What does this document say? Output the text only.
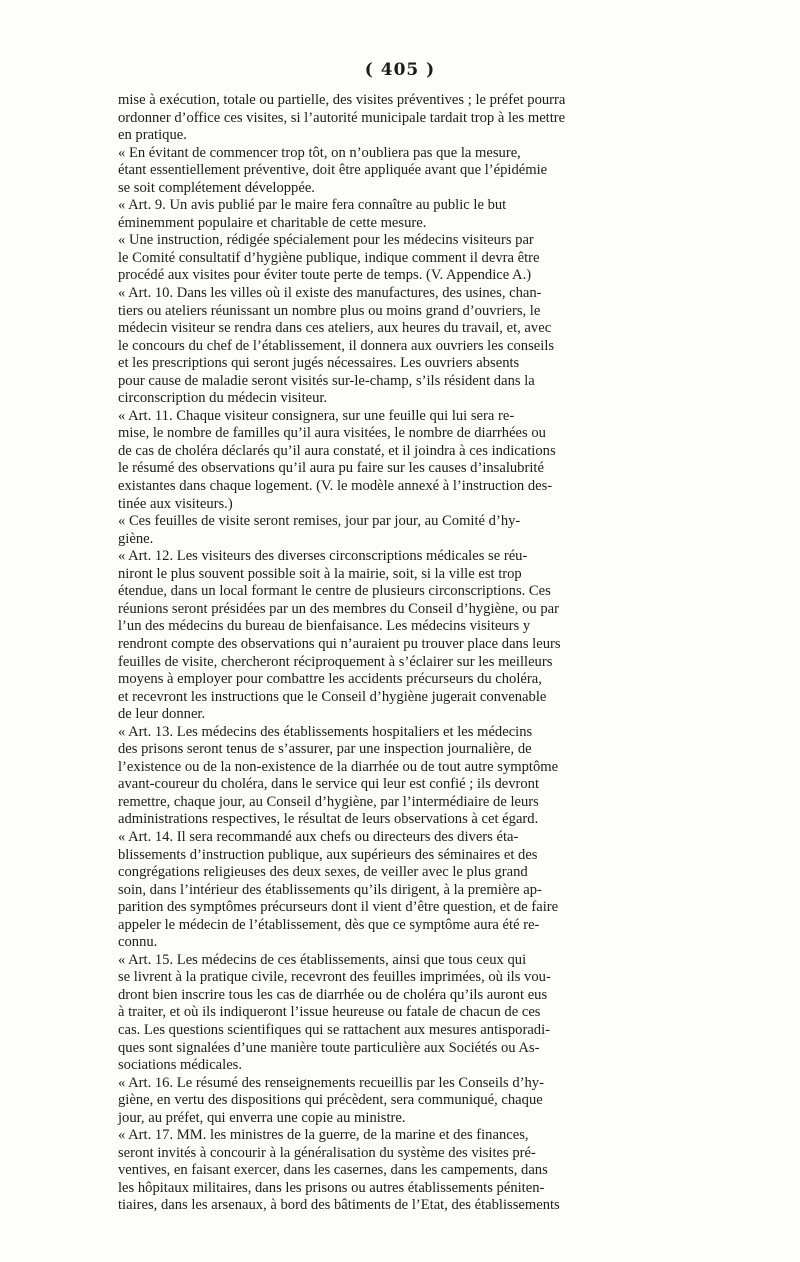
( 405 )
mise à exécution, totale ou partielle, des visites préventives ; le préfet pourra
ordonner d’office ces visites, si l’autorité municipale tardait trop à les mettre
en pratique.
« En évitant de commencer trop tôt, on n’oubliera pas que la mesure,
étant essentiellement préventive, doit être appliquée avant que l’épidémie
se soit complétement développée.
« Art. 9. Un avis publié par le maire fera connaître au public le but
éminemment populaire et charitable de cette mesure.
« Une instruction, rédigée spécialement pour les médecins visiteurs par
le Comité consultatif d’hygiène publique, indique comment il devra être
procédé aux visites pour éviter toute perte de temps. (V. Appendice A.)
« Art. 10. Dans les villes où il existe des manufactures, des usines, chan-
tiers ou ateliers réunissant un nombre plus ou moins grand d’ouvriers, le
médecin visiteur se rendra dans ces ateliers, aux heures du travail, et, avec
le concours du chef de l’établissement, il donnera aux ouvriers les conseils
et les prescriptions qui seront jugés nécessaires. Les ouvriers absents
pour cause de maladie seront visités sur-le-champ, s’ils résident dans la
circonscription du médecin visiteur.
« Art. 11. Chaque visiteur consignera, sur une feuille qui lui sera re-
mise, le nombre de familles qu’il aura visitées, le nombre de diarrhées ou
de cas de choléra déclarés qu’il aura constaté, et il joindra à ces indications
le résumé des observations qu’il aura pu faire sur les causes d’insalubrité
existantes dans chaque logement. (V. le modèle annexé à l’instruction des-
tinée aux visiteurs.)
« Ces feuilles de visite seront remises, jour par jour, au Comité d’hy-
giène.
« Art. 12. Les visiteurs des diverses circonscriptions médicales se réu-
niront le plus souvent possible soit à la mairie, soit, si la ville est trop
étendue, dans un local formant le centre de plusieurs circonscriptions. Ces
réunions seront présidées par un des membres du Conseil d’hygiène, ou par
l’un des médecins du bureau de bienfaisance. Les médecins visiteurs y
rendront compte des observations qui n’auraient pu trouver place dans leurs
feuilles de visite, chercheront réciproquement à s’éclairer sur les meilleurs
moyens à employer pour combattre les accidents précurseurs du choléra,
et recevront les instructions que le Conseil d’hygiène jugerait convenable
de leur donner.
« Art. 13. Les médecins des établissements hospitaliers et les médecins
des prisons seront tenus de s’assurer, par une inspection journalière, de
l’existence ou de la non-existence de la diarrhée ou de tout autre symptôme
avant-coureur du choléra, dans le service qui leur est confié ; ils devront
remettre, chaque jour, au Conseil d’hygiène, par l’intermédiaire de leurs
administrations respectives, le résultat de leurs observations à cet égard.
« Art. 14. Il sera recommandé aux chefs ou directeurs des divers éta-
blissements d’instruction publique, aux supérieurs des séminaires et des
congrégations religieuses des deux sexes, de veiller avec le plus grand
soin, dans l’intérieur des établissements qu’ils dirigent, à la première ap-
parition des symptômes précurseurs dont il vient d’être question, et de faire
appeler le médecin de l’établissement, dès que ce symptôme aura été re-
connu.
« Art. 15. Les médecins de ces établissements, ainsi que tous ceux qui
se livrent à la pratique civile, recevront des feuilles imprimées, où ils vou-
dront bien inscrire tous les cas de diarrhée ou de choléra qu’ils auront eus
à traiter, et où ils indiqueront l’issue heureuse ou fatale de chacun de ces
cas. Les questions scientifiques qui se rattachent aux mesures antisporadi-
ques sont signalées d’une manière toute particulière aux Sociétés ou As-
sociations médicales.
« Art. 16. Le résumé des renseignements recueillis par les Conseils d’hy-
giène, en vertu des dispositions qui précèdent, sera communiqué, chaque
jour, au préfet, qui enverra une copie au ministre.
« Art. 17. MM. les ministres de la guerre, de la marine et des finances,
seront invités à concourir à la généralisation du système des visites pré-
ventives, en faisant exercer, dans les casernes, dans les campements, dans
les hôpitaux militaires, dans les prisons ou autres établissements péniten-
tiaires, dans les arsenaux, à bord des bâtiments de l’Etat, des établissements
